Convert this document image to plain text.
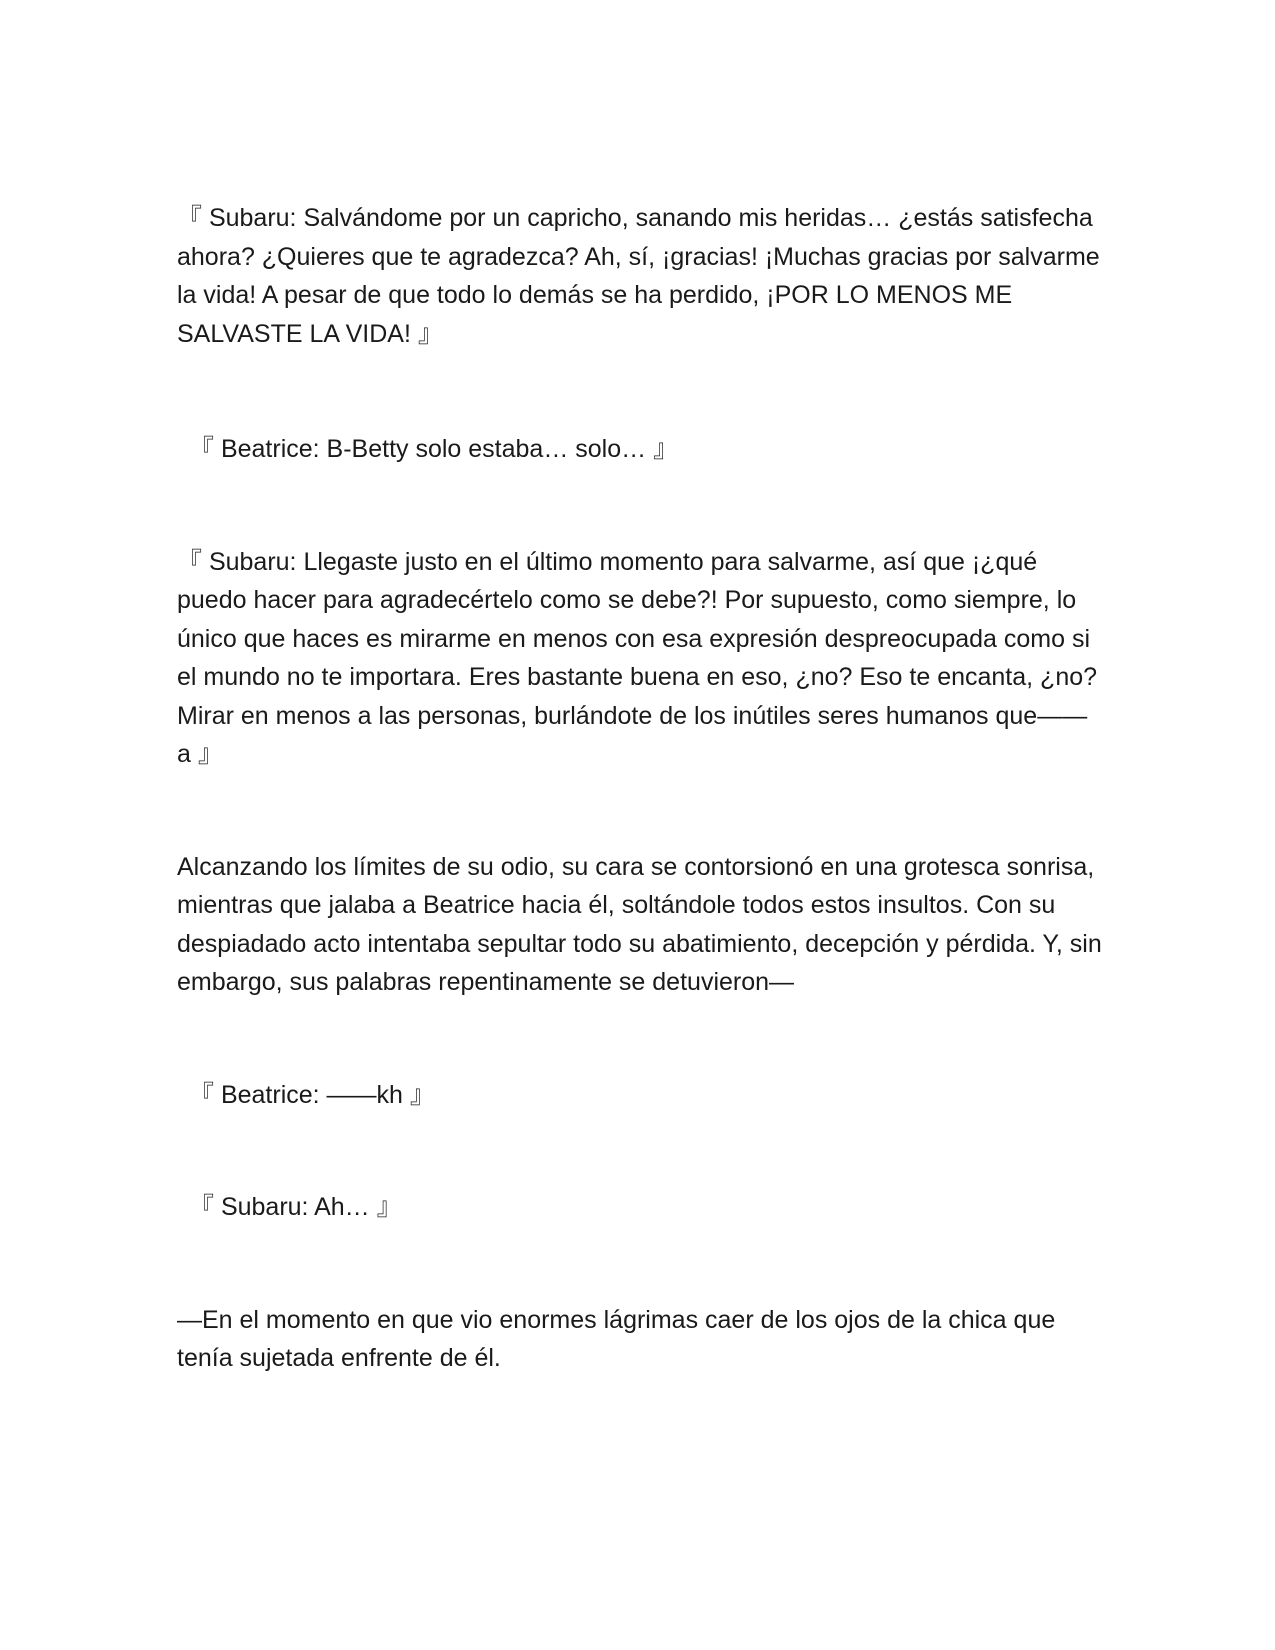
『 Subaru: Salvándome por un capricho, sanando mis heridas… ¿estás satisfecha ahora? ¿Quieres que te agradezca? Ah, sí, ¡gracias! ¡Muchas gracias por salvarme la vida! A pesar de que todo lo demás se ha perdido, ¡POR LO MENOS ME SALVASTE LA VIDA! 』

『 Beatrice: B-Betty solo estaba… solo… 』

『 Subaru: Llegaste justo en el último momento para salvarme, así que ¡¿qué puedo hacer para agradecértelo como se debe?! Por supuesto, como siempre, lo único que haces es mirarme en menos con esa expresión despreocupada como si el mundo no te importara. Eres bastante buena en eso, ¿no? Eso te encanta, ¿no? Mirar en menos a las personas, burlándote de los inútiles seres humanos que—— a 』

Alcanzando los límites de su odio, su cara se contorsionó en una grotesca sonrisa, mientras que jalaba a Beatrice hacia él, soltándole todos estos insultos. Con su despiadado acto intentaba sepultar todo su abatimiento, decepción y pérdida. Y, sin embargo, sus palabras repentinamente se detuvieron—

『 Beatrice: ——kh 』

『 Subaru: Ah… 』

—En el momento en que vio enormes lágrimas caer de los ojos de la chica que tenía sujetada enfrente de él.
